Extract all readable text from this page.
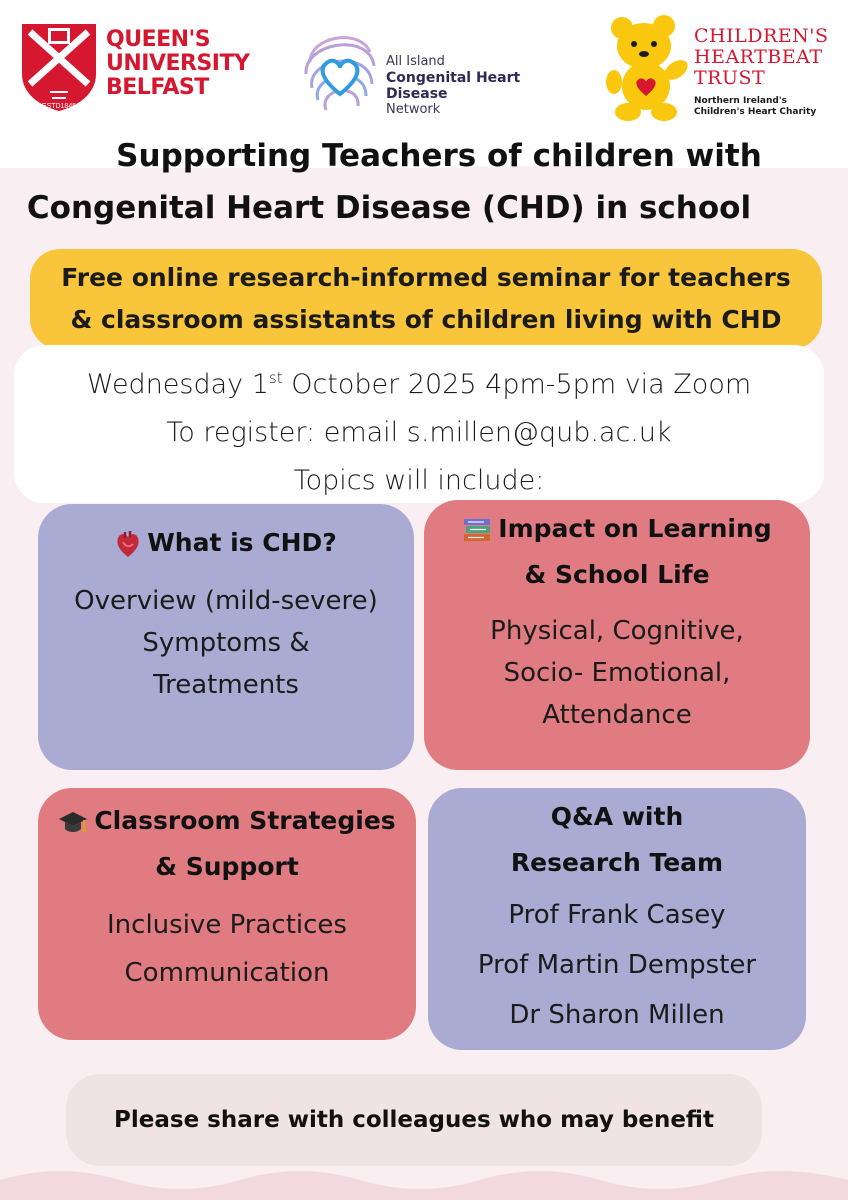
ESTD1845
QUEEN'S
UNIVERSITY
BELFAST
All Island
Congenital Heart Disease
Network
CHILDREN'S
HEARTBEAT
TRUST
Northern Ireland's
Children's Heart Charity
Supporting Teachers of children with
Congenital Heart Disease (CHD) in school
Free online research-informed seminar for teachers
& classroom assistants of children living with CHD
Wednesday 1st October 2025 4pm-5pm via Zoom
To register: email s.millen@qub.ac.uk
Topics will include:
What is CHD?

Overview (mild-severe)

Symptoms &

Treatments

Impact on Learning
& School Life

Physical, Cognitive,

Socio- Emotional,

Attendance

Classroom Strategies
& Support

Inclusive Practices

Communication

Q&A with
Research Team

Prof Frank Casey

Prof Martin Dempster

Dr Sharon Millen

Please share with colleagues who may benefit
